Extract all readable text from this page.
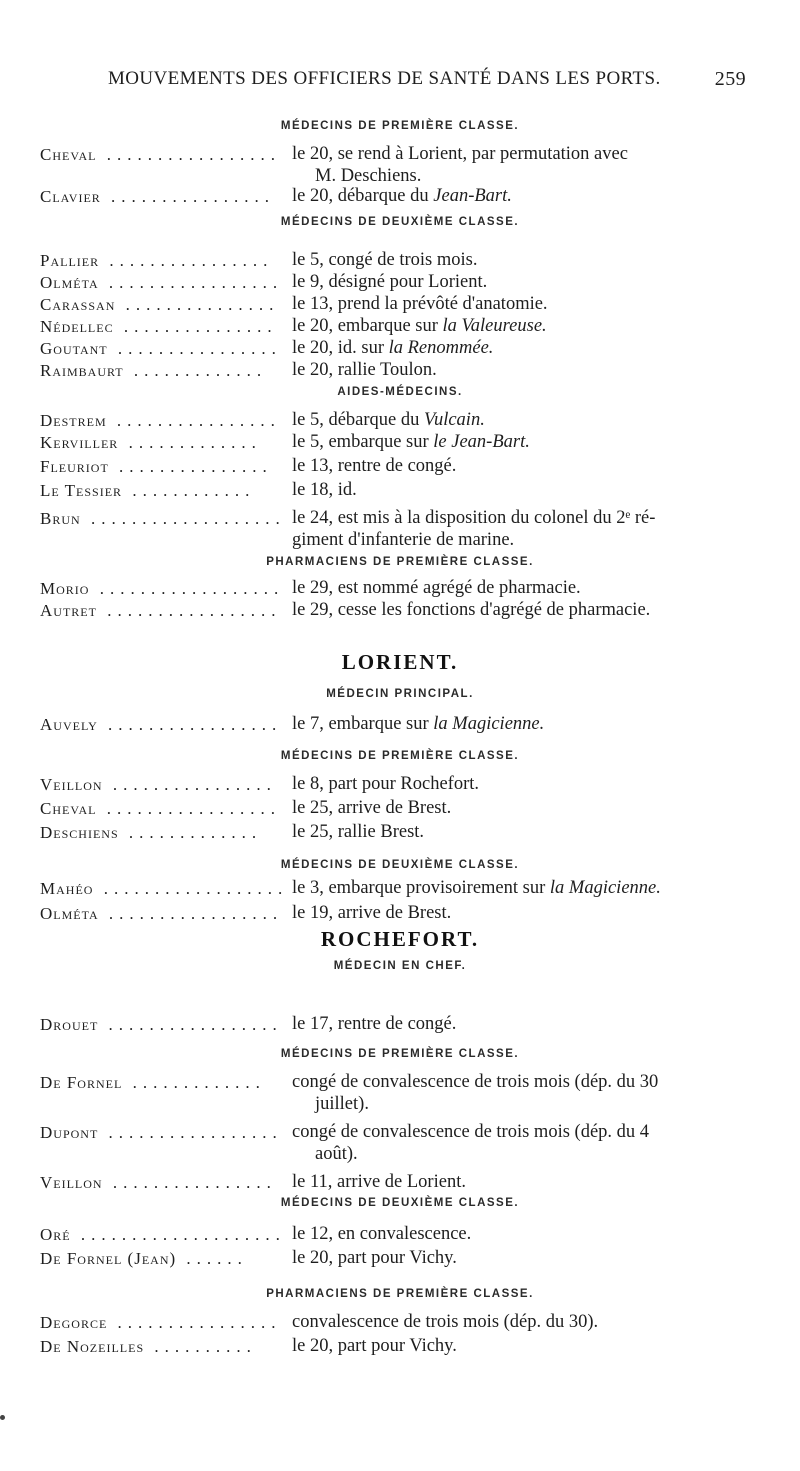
MOUVEMENTS DES OFFICIERS DE SANTÉ DANS LES PORTS.	259
MÉDECINS DE PREMIÈRE CLASSE.
Cheval ................. le 20, se rend à Lorient, par permutation avec
M. Deschiens.
Clavier ................ le 20, débarque du Jean-Bart.
MÉDECINS DE DEUXIÈME CLASSE.
Pallier ................ le 5, congé de trois mois.
Olméta ................. le 9, désigné pour Lorient.
Carassan ............... le 13, prend la prévôté d'anatomie.
Nédellec ............... le 20, embarque sur la Valeureuse.
Goutant ................ le 20, id. sur la Renommée.
Raimbaurt ............. le 20, rallie Toulon.
AIDES-MÉDECINS.
Destrem ................ le 5, débarque du Vulcain.
Kerviller ............. le 5, embarque sur le Jean-Bart.
Fleuriot ............... le 13, rentre de congé.
Le Tessier ............ le 18, id.
Brun ................... le 24, est mis à la disposition du colonel du 2ᵉ ré-
giment d'infanterie de marine.
PHARMACIENS DE PREMIÈRE CLASSE.
Morio .................. le 29, est nommé agrégé de pharmacie.
Autret ................. le 29, cesse les fonctions d'agrégé de pharmacie.
LORIENT.
MÉDECIN PRINCIPAL.
Auvely ................. le 7, embarque sur la Magicienne.
MÉDECINS DE PREMIÈRE CLASSE.
Veillon ................ le 8, part pour Rochefort.
Cheval ................. le 25, arrive de Brest.
Deschiens ............. le 25, rallie Brest.
MÉDECINS DE DEUXIÈME CLASSE.
Mahéo .................. le 3, embarque provisoirement sur la Magicienne.
Olméta ................. le 19, arrive de Brest.
ROCHEFORT.
MÉDECIN EN CHEF.
Drouet ................. le 17, rentre de congé.
MÉDECINS DE PREMIÈRE CLASSE.
De Fornel ............. congé de convalescence de trois mois (dép. du 30
juillet).
Dupont ................. congé de convalescence de trois mois (dép. du 4
août).
Veillon ................ le 11, arrive de Lorient.
MÉDECINS DE DEUXIÈME CLASSE.
Oré .................... le 12, en convalescence.
De Fornel (Jean) ...... le 20, part pour Vichy.
PHARMACIENS DE PREMIÈRE CLASSE.
Degorce ................ convalescence de trois mois (dép. du 30).
De Nozeilles .......... le 20, part pour Vichy.
